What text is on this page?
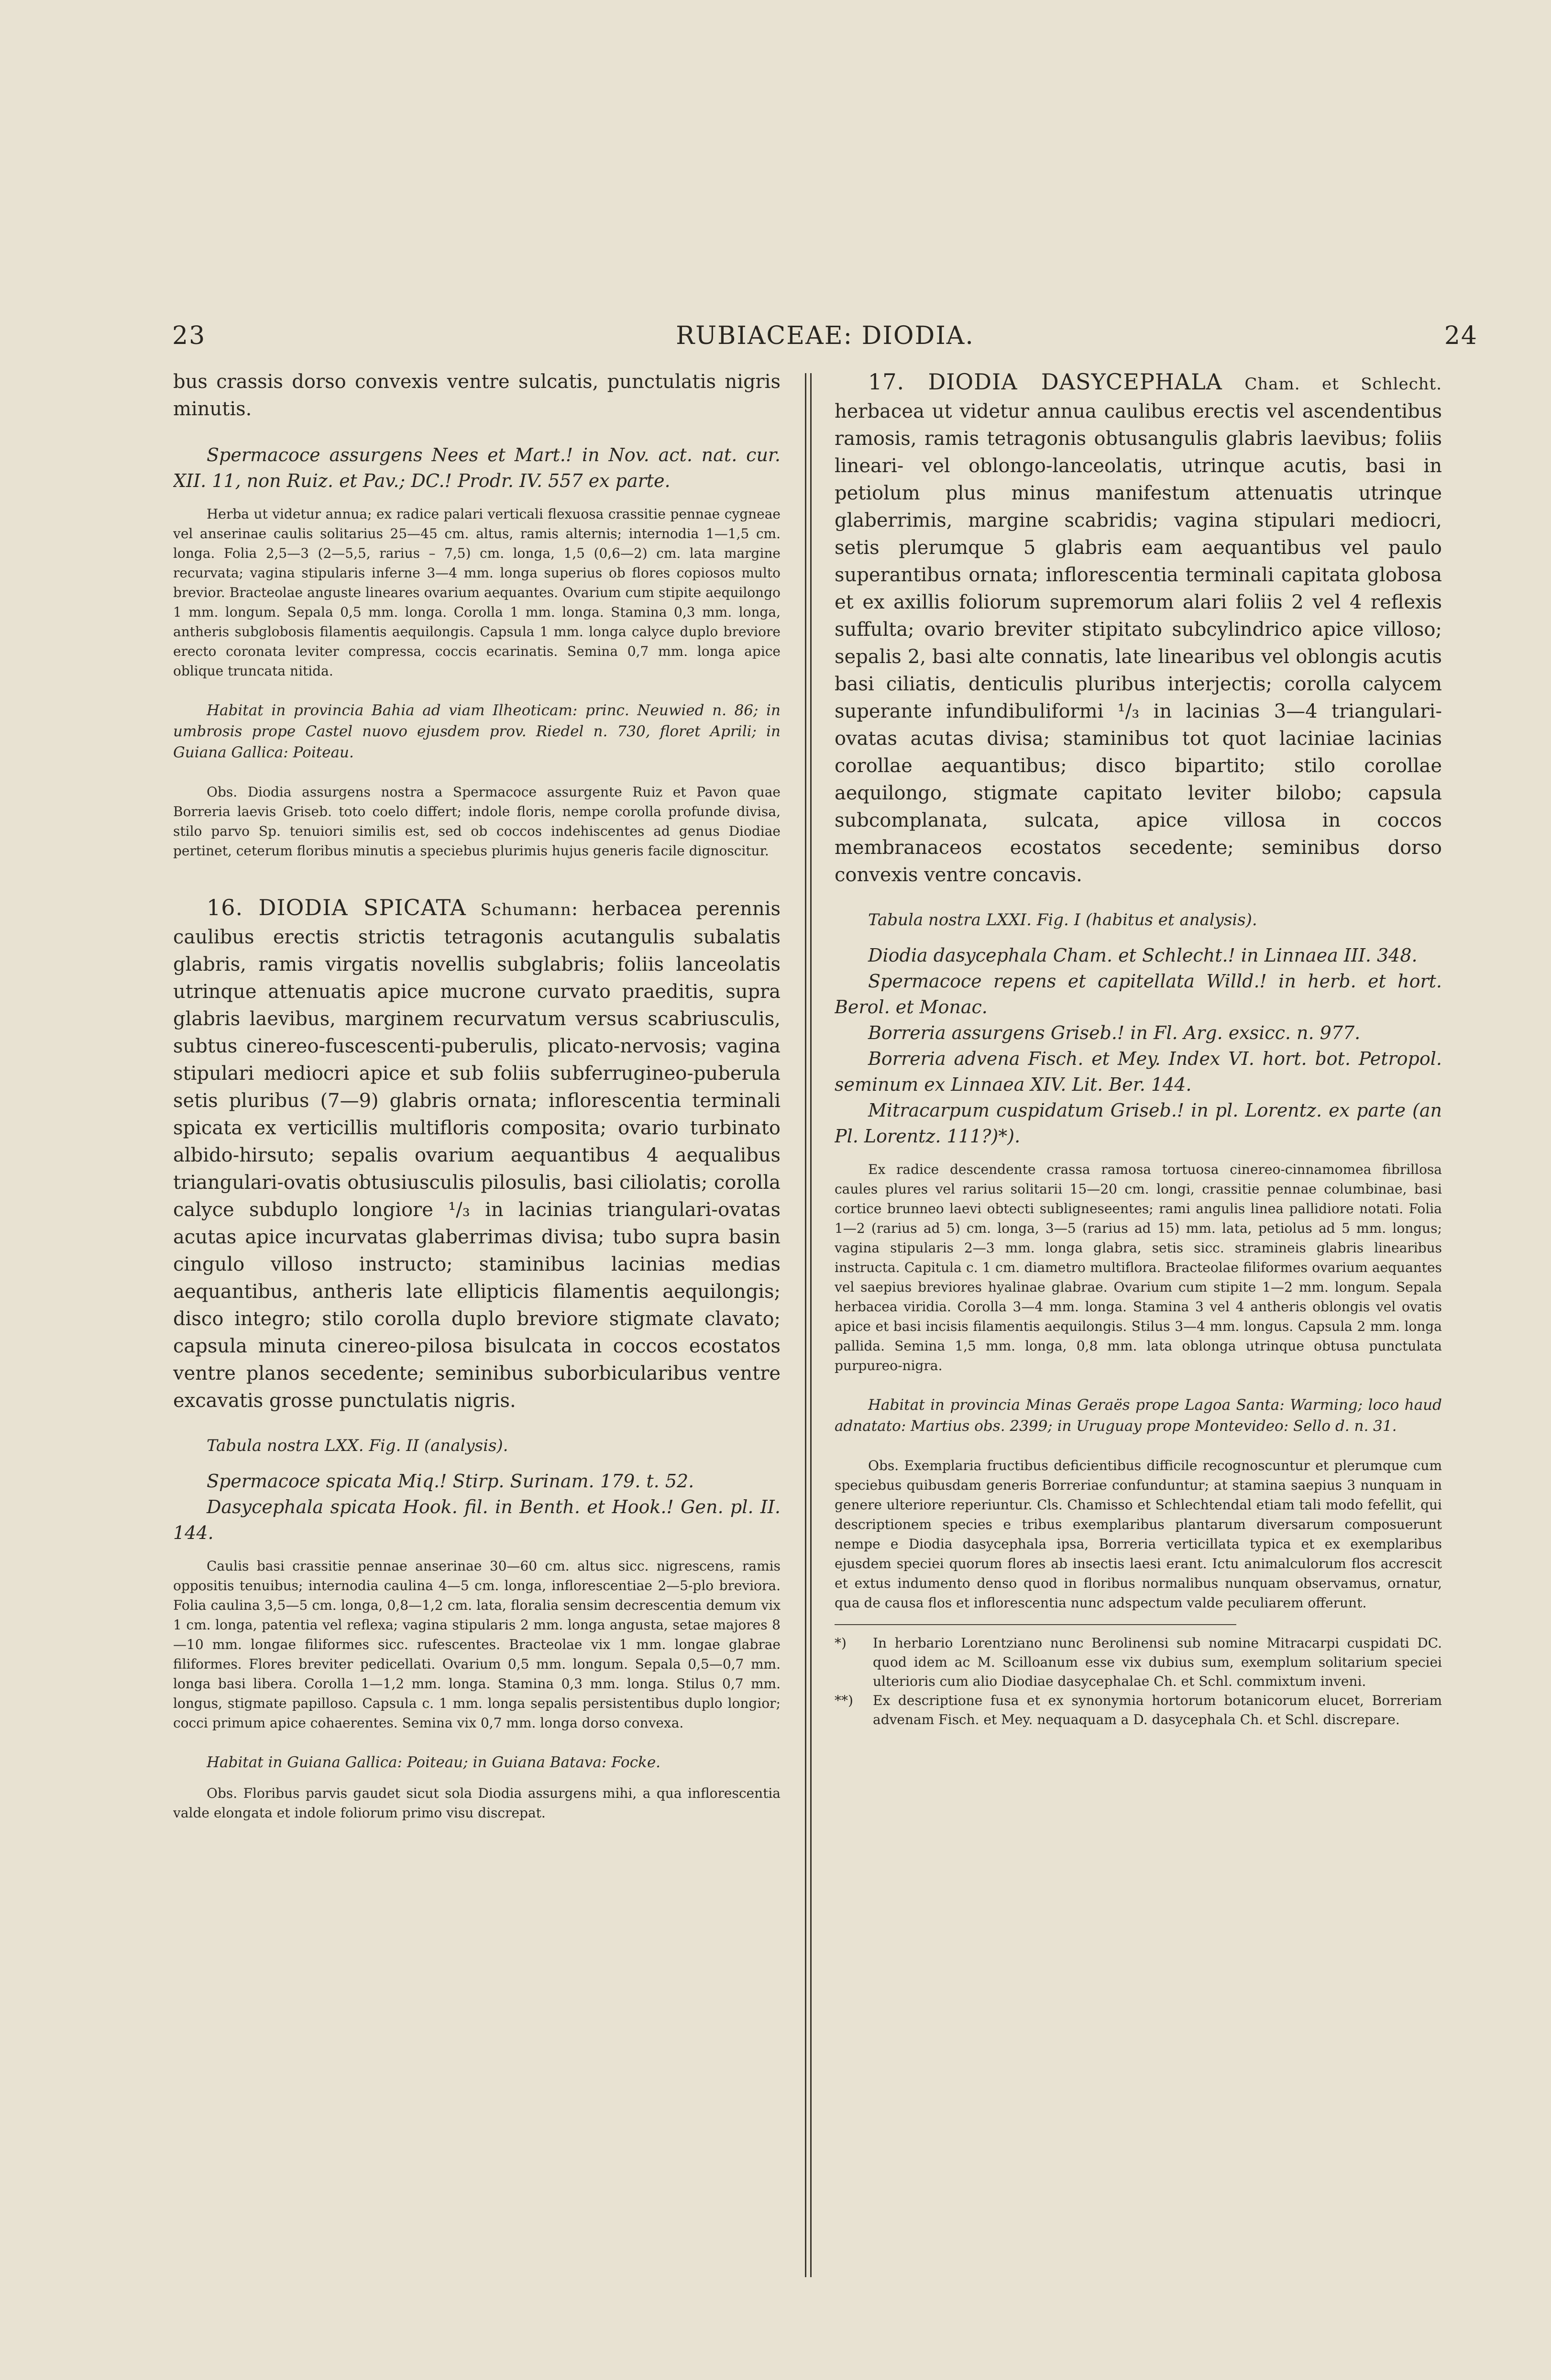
23	RUBIACEAE: DIODIA.	24

bus crassis dorso convexis ventre sulcatis, punctulatis nigris minutis.

Spermacoce assurgens Nees et Mart.! in Nov. act. nat. cur. XII. 11, non Ruiz. et Pav.; DC.! Prodr. IV. 557 ex parte.

Herba ut videtur annua; ex radice palari verticali flexuosa crassitie pennae cygneae vel anserinae caulis solitarius 25—45 cm. altus, ramis alternis; internodia 1—1,5 cm. longa. Folia 2,5—3 (2—5,5, rarius – 7,5) cm. longa, 1,5 (0,6—2) cm. lata margine recurvata; vagina stipularis inferne 3—4 mm. longa superius ob flores copiosos multo brevior. Bracteolae anguste lineares ovarium aequantes. Ovarium cum stipite aequilongo 1 mm. longum. Sepala 0,5 mm. longa. Corolla 1 mm. longa. Stamina 0,3 mm. longa, antheris subglobosis filamentis aequilongis. Capsula 1 mm. longa calyce duplo breviore erecto coronata leviter compressa, coccis ecarinatis. Semina 0,7 mm. longa apice oblique truncata nitida.

Habitat in provincia Bahia ad viam Ilheoticam: princ. Neuwied n. 86; in umbrosis prope Castel nuovo ejusdem prov. Riedel n. 730, floret Aprili; in Guiana Gallica: Poiteau.

Obs. Diodia assurgens nostra a Spermacoce assurgente Ruiz et Pavon quae Borreria laevis Griseb. toto coelo differt; indole floris, nempe corolla profunde divisa, stilo parvo Sp. tenuiori similis est, sed ob coccos indehiscentes ad genus Diodiae pertinet, ceterum floribus minutis a speciebus plurimis hujus generis facile dignoscitur.

16. DIODIA SPICATA Schumann: herbacea perennis caulibus erectis strictis tetragonis acutangulis subalatis glabris, ramis virgatis novellis subglabris; foliis lanceolatis utrinque attenuatis apice mucrone curvato praeditis, supra glabris laevibus, marginem recurvatum versus scabriusculis, subtus cinereo-fuscescenti-puberulis, plicato-nervosis; vagina stipulari mediocri apice et sub foliis subferrugineo-puberula setis pluribus (7—9) glabris ornata; inflorescentia terminali spicata ex verticillis multifloris composita; ovario turbinato albido-hirsuto; sepalis ovarium aequantibus 4 aequalibus triangulari-ovatis obtusiusculis pilosulis, basi ciliolatis; corolla calyce subduplo longiore ¹/₃ in lacinias triangulari-ovatas acutas apice incurvatas glaberrimas divisa; tubo supra basin cingulo villoso instructo; staminibus lacinias medias aequantibus, antheris late ellipticis filamentis aequilongis; disco integro; stilo corolla duplo breviore stigmate clavato; capsula minuta cinereo-pilosa bisulcata in coccos ecostatos ventre planos secedente; seminibus suborbicularibus ventre excavatis grosse punctulatis nigris.

Tabula nostra LXX. Fig. II (analysis).

Spermacoce spicata Miq.! Stirp. Surinam. 179. t. 52.

Dasycephala spicata Hook. fil. in Benth. et Hook.! Gen. pl. II. 144.

Caulis basi crassitie pennae anserinae 30—60 cm. altus sicc. nigrescens, ramis oppositis tenuibus; internodia caulina 4—5 cm. longa, inflorescentiae 2—5-plo breviora. Folia caulina 3,5—5 cm. longa, 0,8—1,2 cm. lata, floralia sensim decrescentia demum vix 1 cm. longa, patentia vel reflexa; vagina stipularis 2 mm. longa angusta, setae majores 8—10 mm. longae filiformes sicc. rufescentes. Bracteolae vix 1 mm. longae glabrae filiformes. Flores breviter pedicellati. Ovarium 0,5 mm. longum. Sepala 0,5—0,7 mm. longa basi libera. Corolla 1—1,2 mm. longa. Stamina 0,3 mm. longa. Stilus 0,7 mm. longus, stigmate papilloso. Capsula c. 1 mm. longa sepalis persistentibus duplo longior; cocci primum apice cohaerentes. Semina vix 0,7 mm. longa dorso convexa.

Habitat in Guiana Gallica: Poiteau; in Guiana Batava: Focke.

Obs. Floribus parvis gaudet sicut sola Diodia assurgens mihi, a qua inflorescentia valde elongata et indole foliorum primo visu discrepat.

17. DIODIA DASYCEPHALA Cham. et Schlecht. herbacea ut videtur annua caulibus erectis vel ascendentibus ramosis, ramis tetragonis obtusangulis glabris laevibus; foliis lineari- vel oblongo-lanceolatis, utrinque acutis, basi in petiolum plus minus manifestum attenuatis utrinque glaberrimis, margine scabridis; vagina stipulari mediocri, setis plerumque 5 glabris eam aequantibus vel paulo superantibus ornata; inflorescentia terminali capitata globosa et ex axillis foliorum supremorum alari foliis 2 vel 4 reflexis suffulta; ovario breviter stipitato subcylindrico apice villoso; sepalis 2, basi alte connatis, late linearibus vel oblongis acutis basi ciliatis, denticulis pluribus interjectis; corolla calycem superante infundibuliformi ¹/₃ in lacinias 3—4 triangulari-ovatas acutas divisa; staminibus tot quot laciniae lacinias corollae aequantibus; disco bipartito; stilo corollae aequilongo, stigmate capitato leviter bilobo; capsula subcomplanata, sulcata, apice villosa in coccos membranaceos ecostatos secedente; seminibus dorso convexis ventre concavis.

Tabula nostra LXXI. Fig. I (habitus et analysis).

Diodia dasycephala Cham. et Schlecht.! in Linnaea III. 348.

Spermacoce repens et capitellata Willd.! in herb. et hort. Berol. et Monac.

Borreria assurgens Griseb.! in Fl. Arg. exsicc. n. 977.

Borreria advena Fisch. et Mey. Index VI. hort. bot. Petropol. seminum ex Linnaea XIV. Lit. Ber. 144.

Mitracarpum cuspidatum Griseb.! in pl. Lorentz. ex parte (an Pl. Lorentz. 111?)*).

Ex radice descendente crassa ramosa tortuosa cinereo-cinnamomea fibrillosa caules plures vel rarius solitarii 15—20 cm. longi, crassitie pennae columbinae, basi cortice brunneo laevi obtecti subligneseentes; rami angulis linea pallidiore notati. Folia 1—2 (rarius ad 5) cm. longa, 3—5 (rarius ad 15) mm. lata, petiolus ad 5 mm. longus; vagina stipularis 2—3 mm. longa glabra, setis sicc. stramineis glabris linearibus instructa. Capitula c. 1 cm. diametro multiflora. Bracteolae filiformes ovarium aequantes vel saepius breviores hyalinae glabrae. Ovarium cum stipite 1—2 mm. longum. Sepala herbacea viridia. Corolla 3—4 mm. longa. Stamina 3 vel 4 antheris oblongis vel ovatis apice et basi incisis filamentis aequilongis. Stilus 3—4 mm. longus. Capsula 2 mm. longa pallida. Semina 1,5 mm. longa, 0,8 mm. lata oblonga utrinque obtusa punctulata purpureo-nigra.

Habitat in provincia Minas Geraës prope Lagoa Santa: Warming; loco haud adnatato: Martius obs. 2399; in Uruguay prope Montevideo: Sello d. n. 31.

Obs. Exemplaria fructibus deficientibus difficile recognoscuntur et plerumque cum speciebus quibusdam generis Borreriae confunduntur; at stamina saepius 3 nunquam in genere ulteriore reperiuntur. Cls. Chamisso et Schlechtendal etiam tali modo fefellit, qui descriptionem species e tribus exemplaribus plantarum diversarum composuerunt nempe e Diodia dasycephala ipsa, Borreria verticillata typica et ex exemplaribus ejusdem speciei quorum flores ab insectis laesi erant. Ictu animalculorum flos accrescit et extus indumento denso quod in floribus normalibus nunquam observamus, ornatur, qua de causa flos et inflorescentia nunc adspectum valde peculiarem offerunt.

*) In herbario Lorentziano nunc Berolinensi sub nomine Mitracarpi cuspidati DC. quod idem ac M. Scilloanum esse vix dubius sum, exemplum solitarium speciei ulterioris cum alio Diodiae dasycephalae Ch. et Schl. commixtum inveni.

**) Ex descriptione fusa et ex synonymia hortorum botanicorum elucet, Borreriam advenam Fisch. et Mey. nequaquam a D. dasycephala Ch. et Schl. discrepare.
